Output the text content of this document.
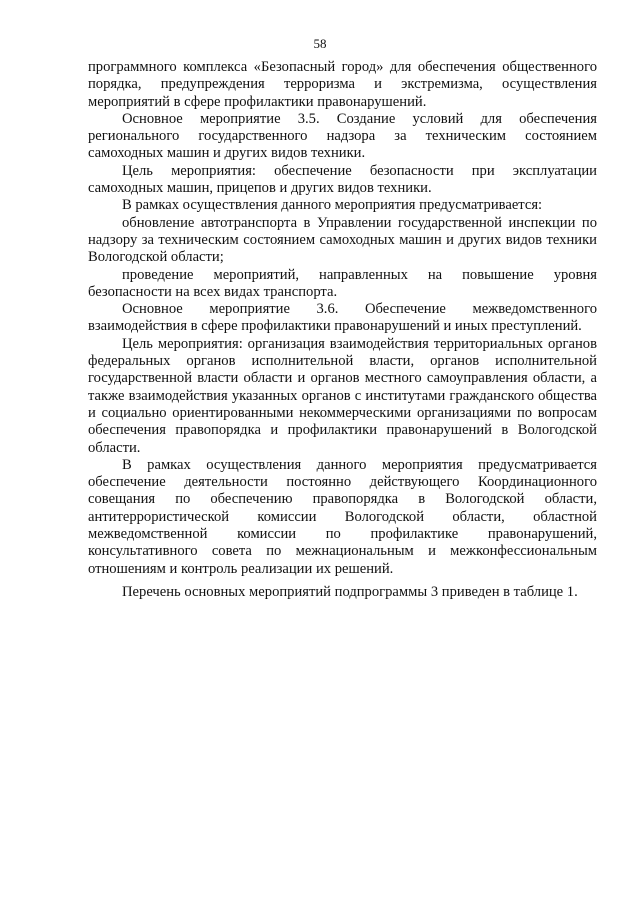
58

программного комплекса «Безопасный город» для обеспечения общественного порядка, предупреждения терроризма и экстремизма, осуществления мероприятий в сфере профилактики правонарушений.

Основное мероприятие 3.5. Создание условий для обеспечения регионального государственного надзора за техническим состоянием самоходных машин и других видов техники.

Цель мероприятия: обеспечение безопасности при эксплуатации самоходных машин, прицепов и других видов техники.

В рамках осуществления данного мероприятия предусматривается:

обновление автотранспорта в Управлении государственной инспекции по надзору за техническим состоянием самоходных машин и других видов техники Вологодской области;

проведение мероприятий, направленных на повышение уровня безопасности на всех видах транспорта.

Основное мероприятие 3.6. Обеспечение межведомственного взаимодействия в сфере профилактики правонарушений и иных преступлений.

Цель мероприятия: организация взаимодействия территориальных органов федеральных органов исполнительной власти, органов исполнительной государственной власти области и органов местного самоуправления области, а также взаимодействия указанных органов с институтами гражданского общества и социально ориентированными некоммерческими организациями по вопросам обеспечения правопорядка и профилактики правонарушений в Вологодской области.

В рамках осуществления данного мероприятия предусматривается обеспечение деятельности постоянно действующего Координационного совещания по обеспечению правопорядка в Вологодской области, антитеррористической комиссии Вологодской области, областной межведомственной комиссии по профилактике правонарушений, консультативного совета по межнациональным и межконфессиональным отношениям и контроль реализации их решений.

Перечень основных мероприятий подпрограммы 3 приведен в таблице 1.
